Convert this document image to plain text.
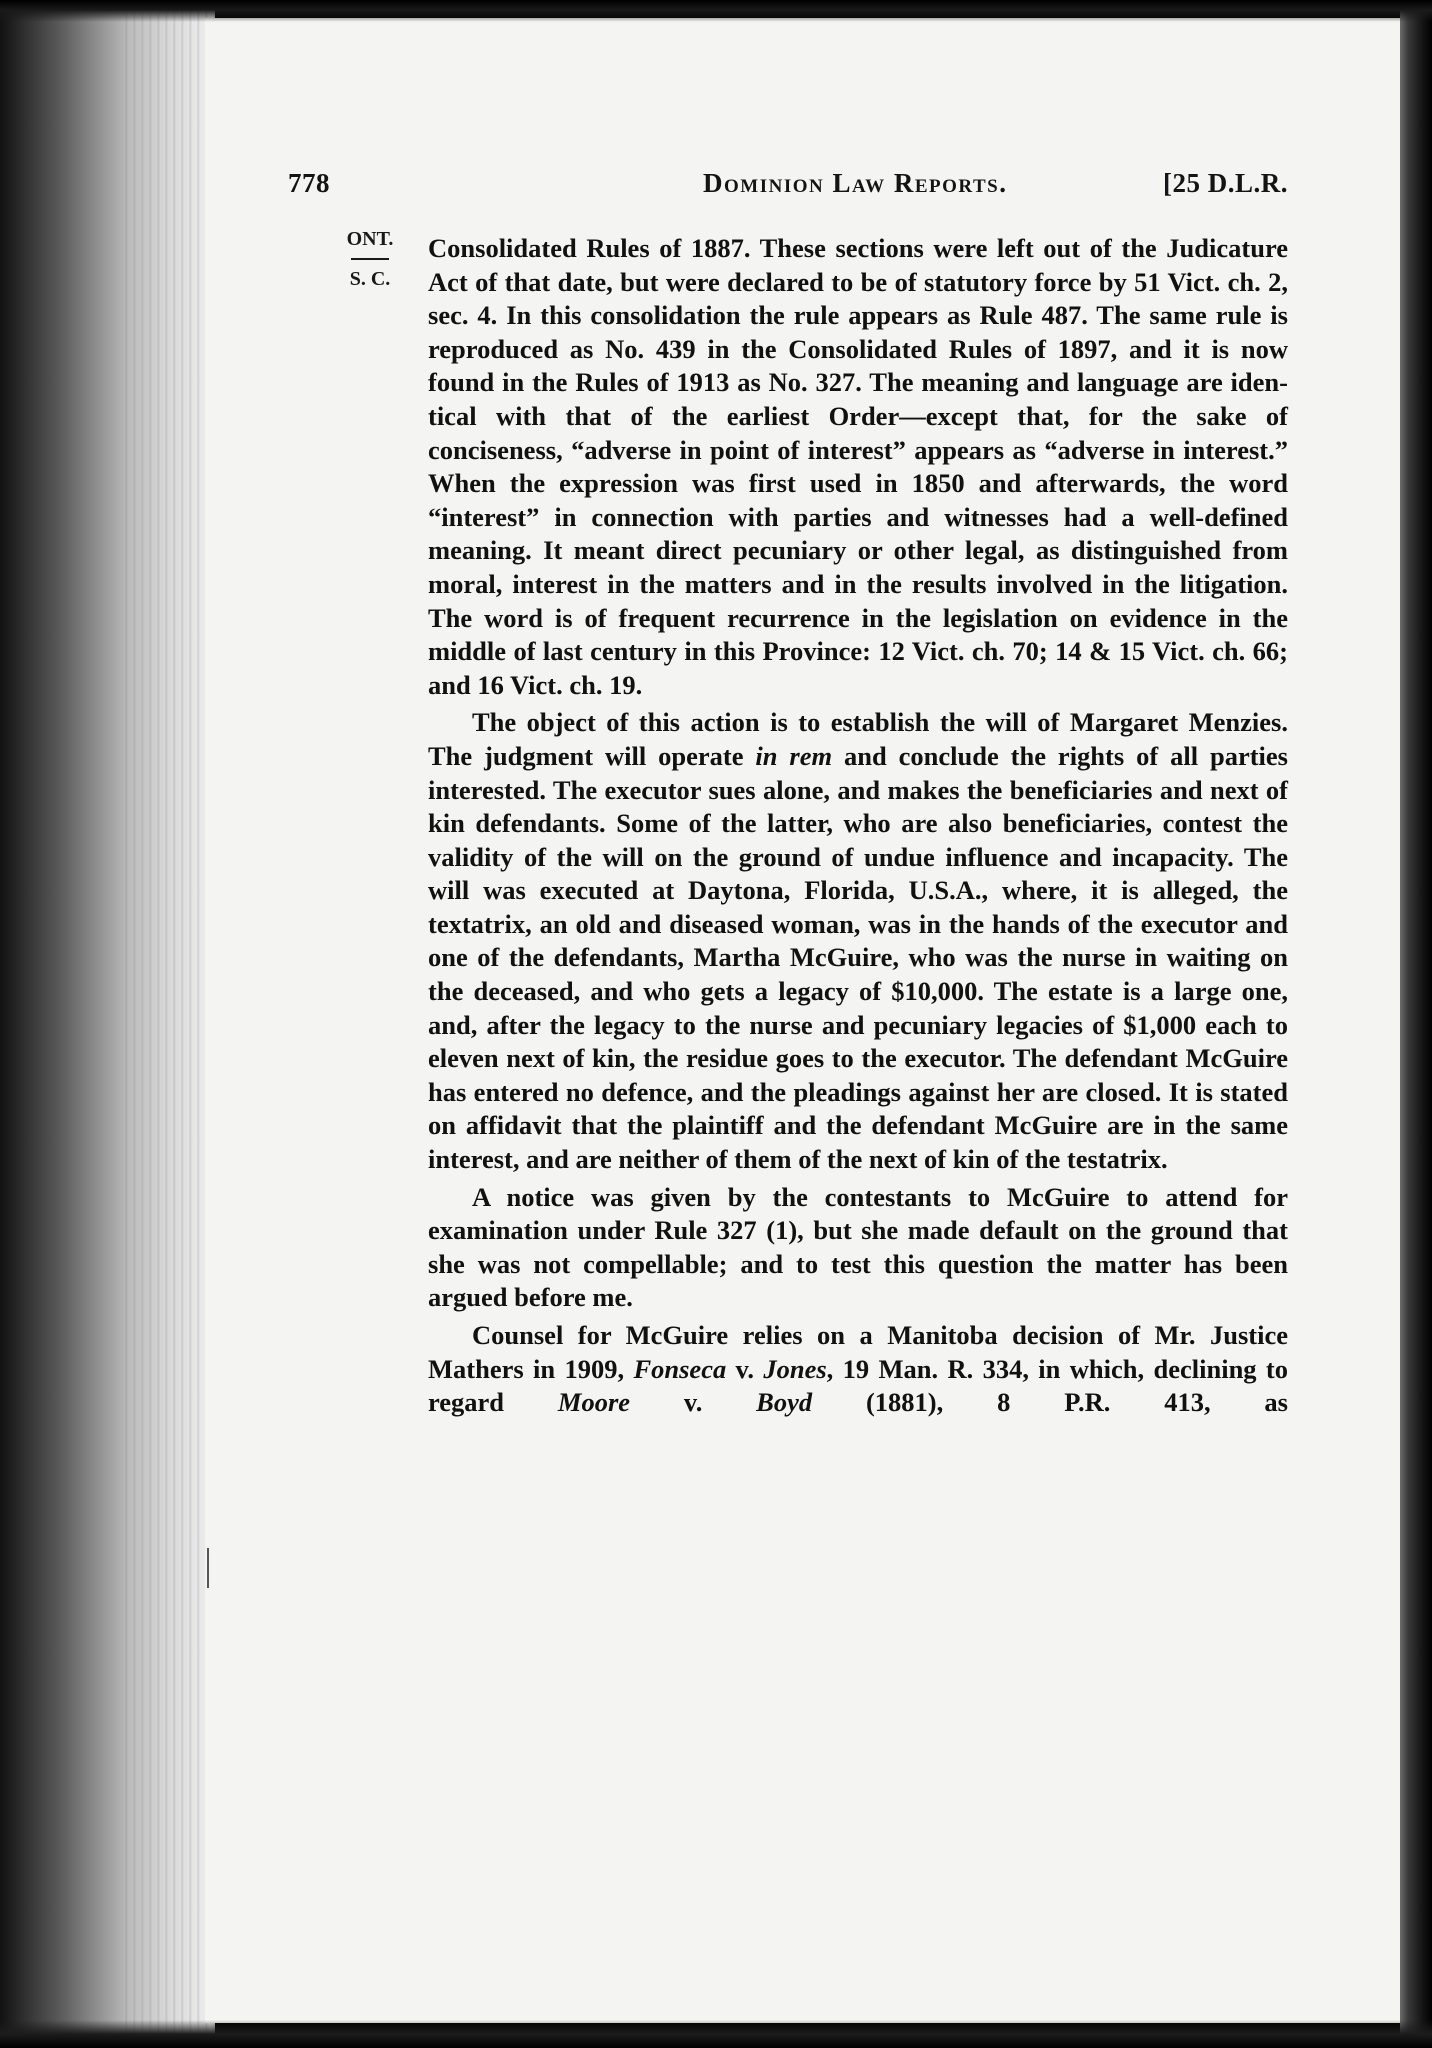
778	Dominion Law Reports.	[25 D.L.R.
ONT.
S. C.

Consolidated Rules of 1887. These sections were left out of the Judicature Act of that date, but were declared to be of statutory force by 51 Vict. ch. 2, sec. 4. In this consolidation the rule appears as Rule 487. The same rule is reproduced as No. 439 in the Consolidated Rules of 1897, and it is now found in the Rules of 1913 as No. 327. The meaning and language are identical with that of the earliest Order—except that, for the sake of conciseness, “adverse in point of interest” appears as “adverse in interest.” When the expression was first used in 1850 and afterwards, the word “interest” in connection with parties and witnesses had a well-defined meaning. It meant direct pecuniary or other legal, as distinguished from moral, interest in the matters and in the results involved in the litigation. The word is of frequent recurrence in the legislation on evidence in the middle of last century in this Province: 12 Vict. ch. 70; 14 & 15 Vict. ch. 66; and 16 Vict. ch. 19.

The object of this action is to establish the will of Margaret Menzies. The judgment will operate in rem and conclude the rights of all parties interested. The executor sues alone, and makes the beneficiaries and next of kin defendants. Some of the latter, who are also beneficiaries, contest the validity of the will on the ground of undue influence and incapacity. The will was executed at Daytona, Florida, U.S.A., where, it is alleged, the textatrix, an old and diseased woman, was in the hands of the executor and one of the defendants, Martha McGuire, who was the nurse in waiting on the deceased, and who gets a legacy of $10,000. The estate is a large one, and, after the legacy to the nurse and pecuniary legacies of $1,000 each to eleven next of kin, the residue goes to the executor. The defendant McGuire has entered no defence, and the pleadings against her are closed. It is stated on affidavit that the plaintiff and the defendant McGuire are in the same interest, and are neither of them of the next of kin of the testatrix.

A notice was given by the contestants to McGuire to attend for examination under Rule 327 (1), but she made default on the ground that she was not compellable; and to test this question the matter has been argued before me.

Counsel for McGuire relies on a Manitoba decision of Mr. Justice Mathers in 1909, Fonseca v. Jones, 19 Man. R. 334, in which, declining to regard Moore v. Boyd (1881), 8 P.R. 413, as
